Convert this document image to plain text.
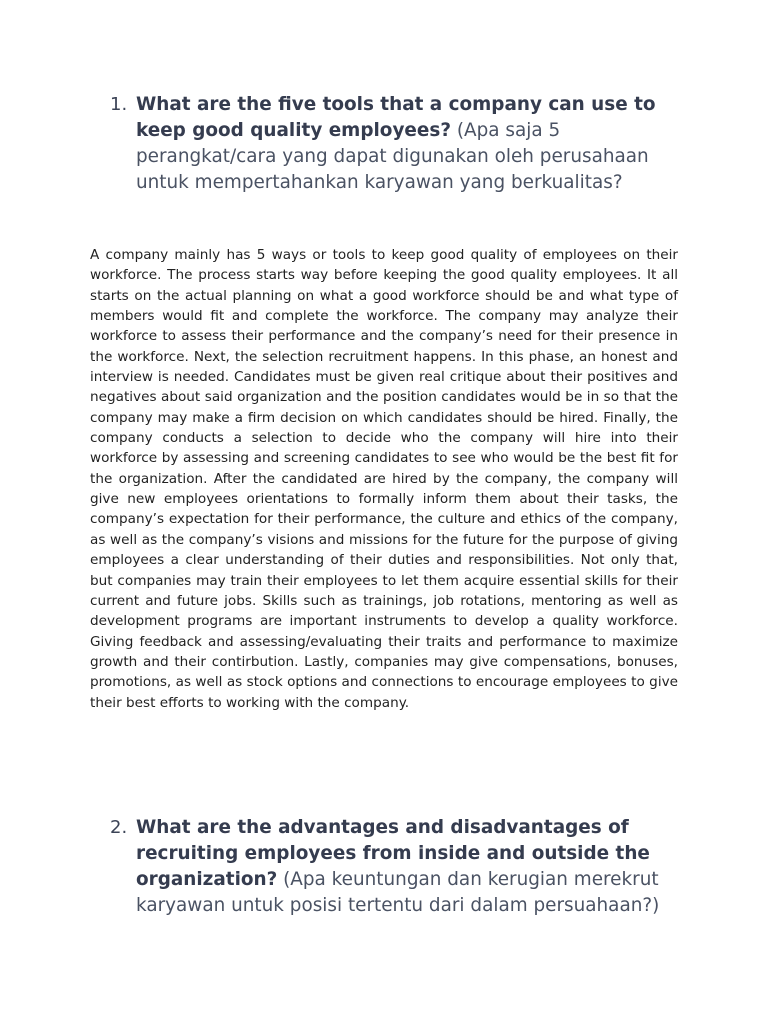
1. What are the five tools that a company can use to keep good quality employees? (Apa saja 5 perangkat/cara yang dapat digunakan oleh perusahaan untuk mempertahankan karyawan yang berkualitas?

A company mainly has 5 ways or tools to keep good quality of employees on their workforce. The process starts way before keeping the good quality employees. It all starts on the actual planning on what a good workforce should be and what type of members would fit and complete the workforce. The company may analyze their workforce to assess their performance and the company’s need for their presence in the workforce. Next, the selection recruitment happens. In this phase, an honest and interview is needed. Candidates must be given real critique about their positives and negatives about said organization and the position candidates would be in so that the company may make a firm decision on which candidates should be hired. Finally, the company conducts a selection to decide who the company will hire into their workforce by assessing and screening candidates to see who would be the best fit for the organization. After the candidated are hired by the company, the company will give new employees orientations to formally inform them about their tasks, the company’s expectation for their performance, the culture and ethics of the company, as well as the company’s visions and missions for the future for the purpose of giving employees a clear understanding of their duties and responsibilities. Not only that, but companies may train their employees to let them acquire essential skills for their current and future jobs. Skills such as trainings, job rotations, mentoring as well as development programs are important instruments to develop a quality workforce. Giving feedback and assessing/evaluating their traits and performance to maximize growth and their contirbution. Lastly, companies may give compensations, bonuses, promotions, as well as stock options and connections to encourage employees to give their best efforts to working with the company.

2. What are the advantages and disadvantages of recruiting employees from inside and outside the organization? (Apa keuntungan dan kerugian merekrut karyawan untuk posisi tertentu dari dalam persuahaan?)
